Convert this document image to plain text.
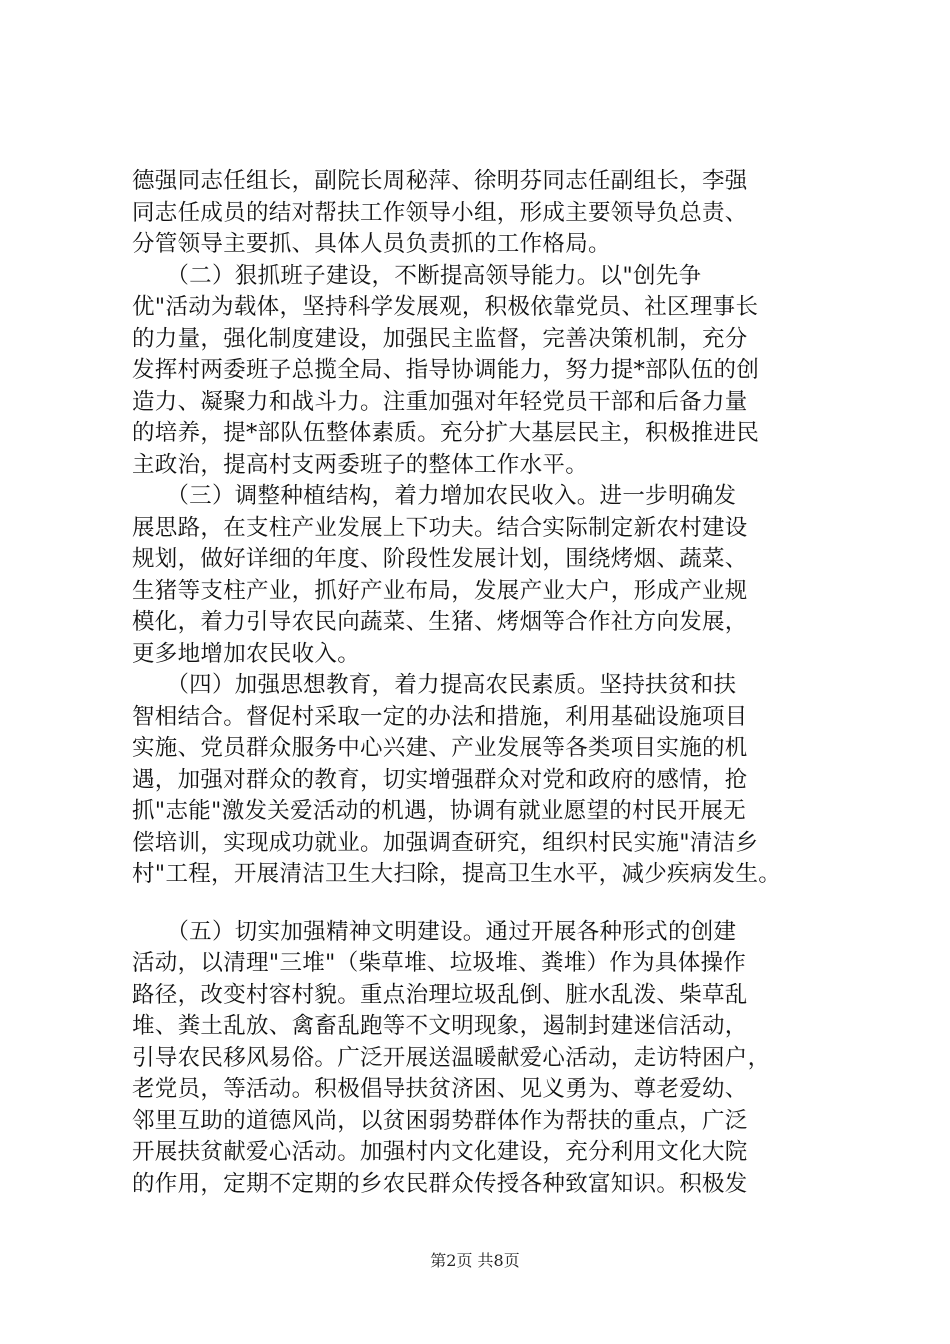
德强同志任组长，副院长周秘萍、徐明芬同志任副组长，李强
同志任成员的结对帮扶工作领导小组，形成主要领导负总责、
分管领导主要抓、具体人员负责抓的工作格局。

　　（二）狠抓班子建设，不断提高领导能力。以"创先争
优"活动为载体，坚持科学发展观，积极依靠党员、社区理事长
的力量，强化制度建设，加强民主监督，完善决策机制，充分
发挥村两委班子总揽全局、指导协调能力，努力提*部队伍的创
造力、凝聚力和战斗力。注重加强对年轻党员干部和后备力量
的培养，提*部队伍整体素质。充分扩大基层民主，积极推进民
主政治，提高村支两委班子的整体工作水平。

　　（三）调整种植结构，着力增加农民收入。进一步明确发
展思路，在支柱产业发展上下功夫。结合实际制定新农村建设
规划，做好详细的年度、阶段性发展计划，围绕烤烟、蔬菜、
生猪等支柱产业，抓好产业布局，发展产业大户，形成产业规
模化，着力引导农民向蔬菜、生猪、烤烟等合作社方向发展，
更多地增加农民收入。

　　（四）加强思想教育，着力提高农民素质。坚持扶贫和扶
智相结合。督促村采取一定的办法和措施，利用基础设施项目
实施、党员群众服务中心兴建、产业发展等各类项目实施的机
遇，加强对群众的教育，切实增强群众对党和政府的感情，抢
抓"志能"激发关爱活动的机遇，协调有就业愿望的村民开展无
偿培训，实现成功就业。加强调查研究，组织村民实施"清洁乡
村"工程，开展清洁卫生大扫除，提高卫生水平，减少疾病发生。

　　（五）切实加强精神文明建设。通过开展各种形式的创建
活动，以清理"三堆"（柴草堆、垃圾堆、粪堆）作为具体操作
路径，改变村容村貌。重点治理垃圾乱倒、脏水乱泼、柴草乱
堆、粪土乱放、禽畜乱跑等不文明现象，遏制封建迷信活动，
引导农民移风易俗。广泛开展送温暖献爱心活动，走访特困户，
老党员，等活动。积极倡导扶贫济困、见义勇为、尊老爱幼、
邻里互助的道德风尚，以贫困弱势群体作为帮扶的重点，广泛
开展扶贫献爱心活动。加强村内文化建设，充分利用文化大院
的作用，定期不定期的乡农民群众传授各种致富知识。积极发

第2页 共8页
